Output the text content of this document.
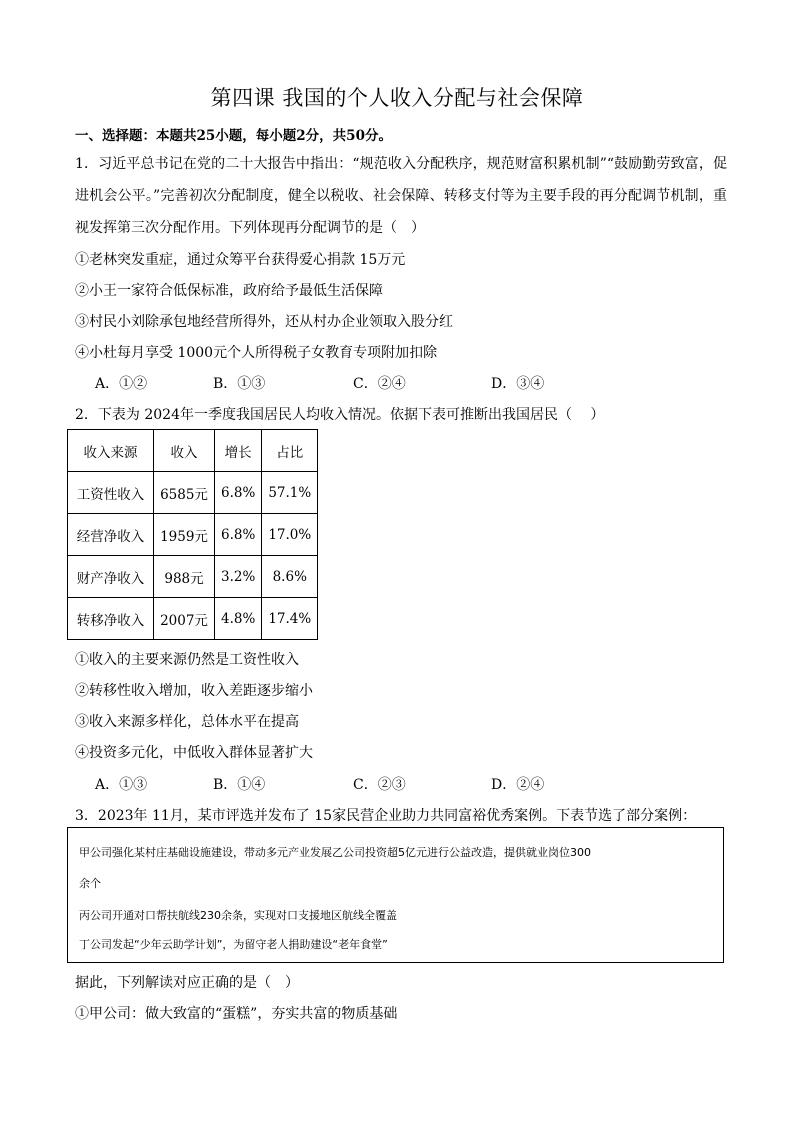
第四课 我国的个人收入分配与社会保障
一、选择题：本题共25小题，每小题2分，共50分。
1．习近平总书记在党的二十大报告中指出：“规范收入分配秩序，规范财富积累机制”“鼓励勤劳致富，促进机会公平。”完善初次分配制度，健全以税收、社会保障、转移支付等为主要手段的再分配调节机制，重视发挥第三次分配作用。下列体现再分配调节的是（　）
①老林突发重症，通过众筹平台获得爱心捐款 15万元
②小王一家符合低保标准，政府给予最低生活保障
③村民小刘除承包地经营所得外，还从村办企业领取入股分红
④小杜每月享受 1000元个人所得税子女教育专项附加扣除
A．①②	B．①③	C．②④	D．③④
2．下表为 2024年一季度我国居民人均收入情况。依据下表可推断出我国居民（　 ）
收入来源	收入	增长	占比
工资性收入	6585元	6.8%	57.1%
经营净收入	1959元	6.8%	17.0%
财产净收入	988元	3.2%	8.6%
转移净收入	2007元	4.8%	17.4%
①收入的主要来源仍然是工资性收入
②转移性收入增加，收入差距逐步缩小
③收入来源多样化，总体水平在提高
④投资多元化，中低收入群体显著扩大
A．①③	B．①④	C．②③	D．②④
3．2023年 11月，某市评选并发布了 15家民营企业助力共同富裕优秀案例。下表节选了部分案例：
甲公司强化某村庄基础设施建设，带动多元产业发展乙公司投资超5亿元进行公益改造，提供就业岗位300
余个
丙公司开通对口帮扶航线230余条，实现对口支援地区航线全覆盖
丁公司发起“少年云助学计划”，为留守老人捐助建设“老年食堂”
据此，下列解读对应正确的是（　）
①甲公司：做大致富的“蛋糕”，夯实共富的物质基础
